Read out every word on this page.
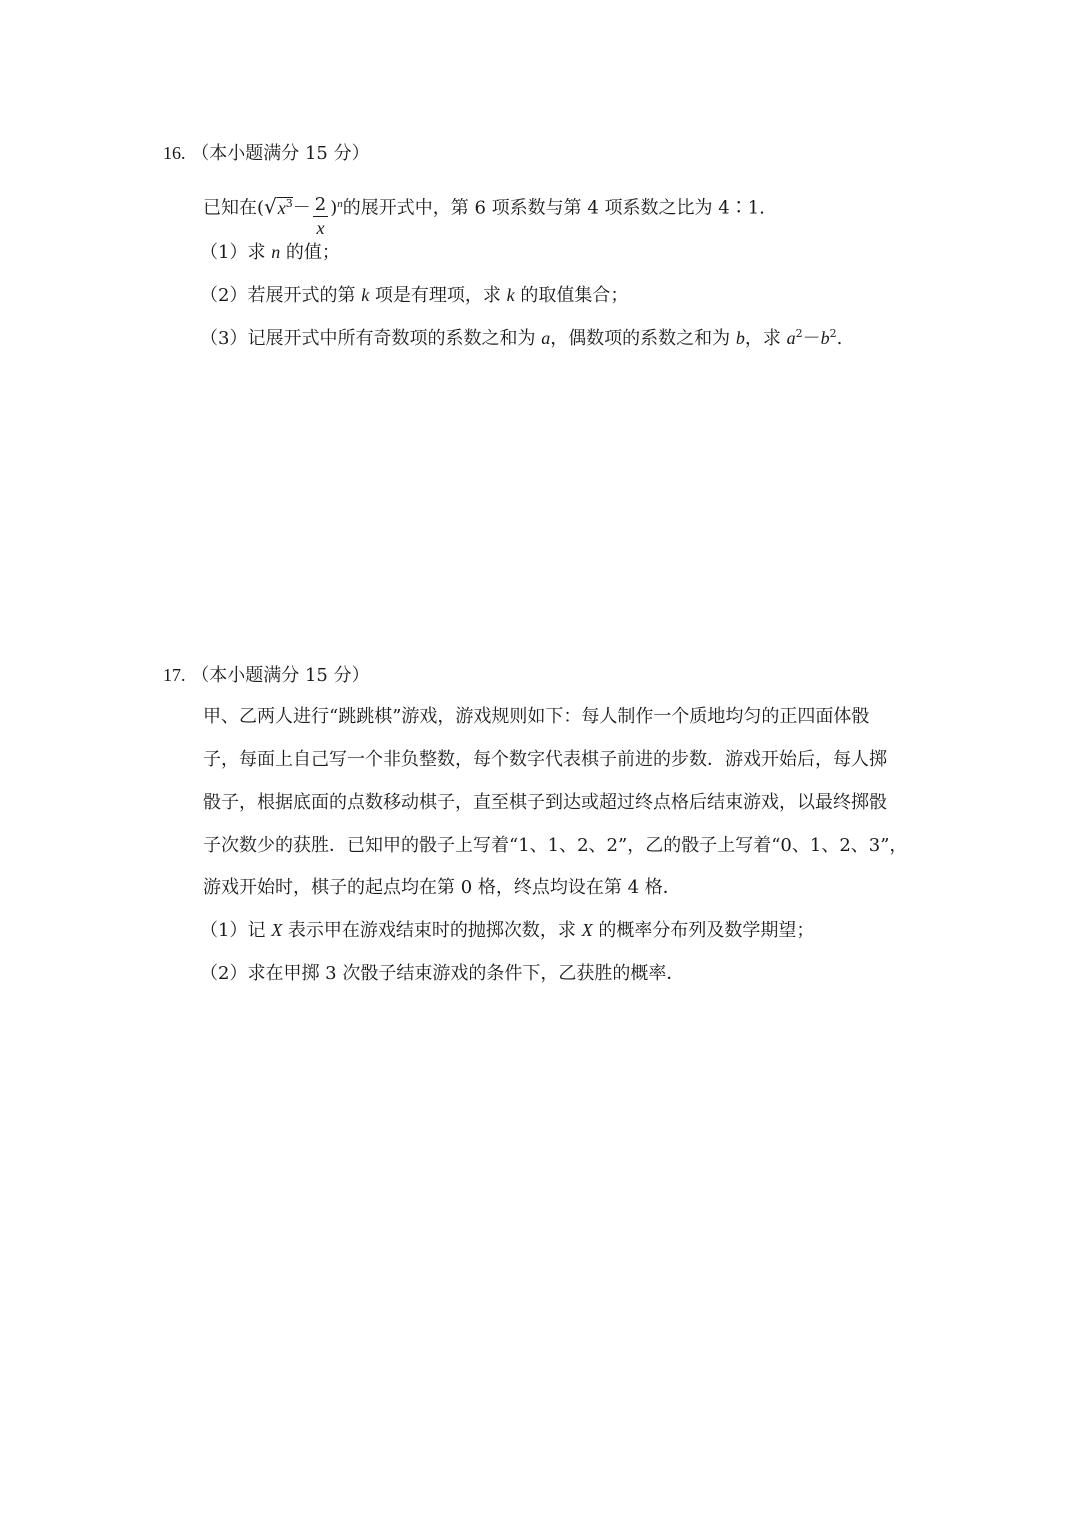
16. （本小题满分 15 分）
已知在$(√x^3- \frac{2}{x} )^n$的展开式中，第 6 项系数与第 4 项系数之比为 4∶1.
（1）求 n 的值；
（2）若展开式的第 k 项是有理项，求 k 的取值集合；
（3）记展开式中所有奇数项的系数之和为 a，偶数项的系数之和为 b，求 $a^2-b^2$.
17. （本小题满分 15 分）
甲、乙两人进行“跳跳棋”游戏，游戏规则如下：每人制作一个质地均匀的正四面体骰
子，每面上自己写一个非负整数，每个数字代表棋子前进的步数．游戏开始后，每人掷
骰子，根据底面的点数移动棋子，直至棋子到达或超过终点格后结束游戏，以最终掷骰
子次数少的获胜．已知甲的骰子上写着“1、1、2、2”，乙的骰子上写着“0、1、2、3”，
游戏开始时，棋子的起点均在第 0 格，终点均设在第 4 格．
（1）记 X 表示甲在游戏结束时的抛掷次数，求 X 的概率分布列及数学期望；
（2）求在甲掷 3 次骰子结束游戏的条件下，乙获胜的概率．
